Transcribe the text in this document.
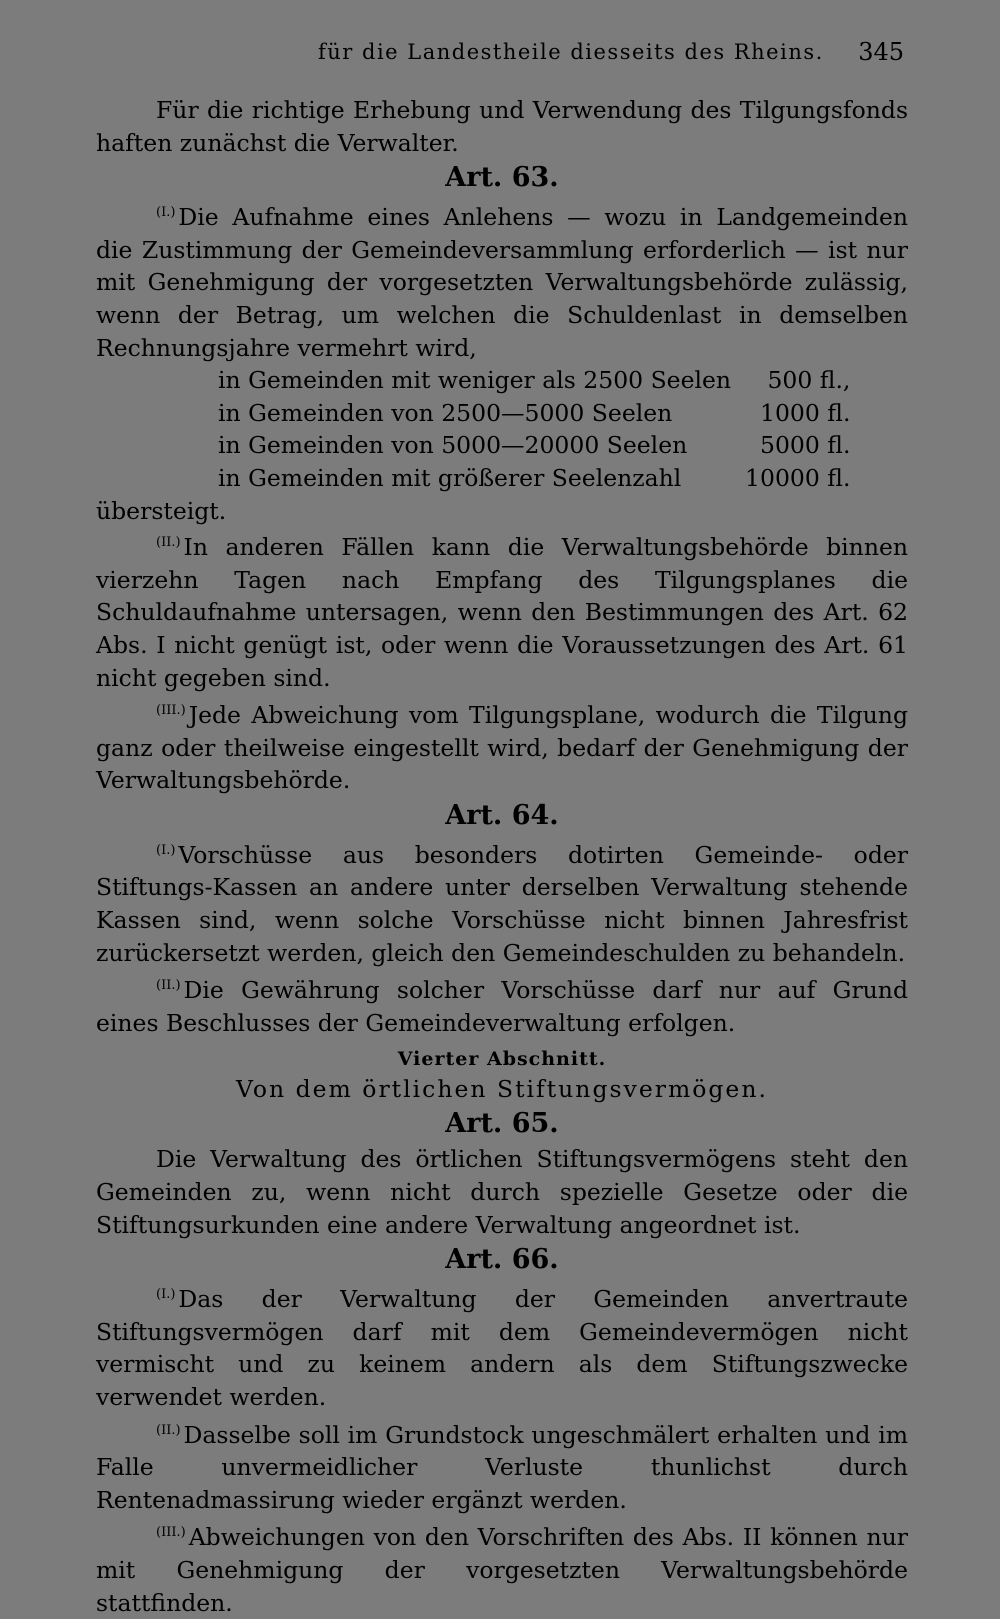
für die Landestheile diesseits des Rheins. 345

Für die richtige Erhebung und Verwendung des Tilgungsfonds haften zunächst die Verwalter.

Art. 63.

$^{(I.)}$ Die Aufnahme eines Anlehens — wozu in Landgemeinden die Zustimmung der Gemeindeversammlung erforderlich — ist nur mit Genehmigung der vorgesetzten Verwaltungsbehörde zulässig, wenn der Betrag, um welchen die Schuldenlast in demselben Rechnungsjahre vermehrt wird,

in Gemeinden mit weniger als 2500 Seelen	500 fl.,
in Gemeinden von 2500—5000 Seelen	1000 fl.
in Gemeinden von 5000—20000 Seelen	5000 fl.
in Gemeinden mit größerer Seelenzahl	10000 fl.

übersteigt.

$^{(II.)}$ In anderen Fällen kann die Verwaltungsbehörde binnen vierzehn Tagen nach Empfang des Tilgungsplanes die Schuldaufnahme untersagen, wenn den Bestimmungen des Art. 62 Abs. I nicht genügt ist, oder wenn die Voraussetzungen des Art. 61 nicht gegeben sind.

$^{(III.)}$ Jede Abweichung vom Tilgungsplane, wodurch die Tilgung ganz oder theilweise eingestellt wird, bedarf der Genehmigung der Verwaltungsbehörde.

Art. 64.

$^{(I.)}$ Vorschüsse aus besonders dotirten Gemeinde- oder Stiftungs-Kassen an andere unter derselben Verwaltung stehende Kassen sind, wenn solche Vorschüsse nicht binnen Jahresfrist zurückersetzt werden, gleich den Gemeindeschulden zu behandeln.

$^{(II.)}$ Die Gewährung solcher Vorschüsse darf nur auf Grund eines Beschlusses der Gemeindeverwaltung erfolgen.

Vierter Abschnitt.
Von dem örtlichen Stiftungsvermögen.
Art. 65.

Die Verwaltung des örtlichen Stiftungsvermögens steht den Gemeinden zu, wenn nicht durch spezielle Gesetze oder die Stiftungsurkunden eine andere Verwaltung angeordnet ist.

Art. 66.

$^{(I.)}$ Das der Verwaltung der Gemeinden anvertraute Stiftungsvermögen darf mit dem Gemeindevermögen nicht vermischt und zu keinem andern als dem Stiftungszwecke verwendet werden.

$^{(II.)}$ Dasselbe soll im Grundstock ungeschmälert erhalten und im Falle unvermeidlicher Verluste thunlichst durch Rentenadmassirung wieder ergänzt werden.

$^{(III.)}$ Abweichungen von den Vorschriften des Abs. II können nur mit Genehmigung der vorgesetzten Verwaltungsbehörde stattfinden.
